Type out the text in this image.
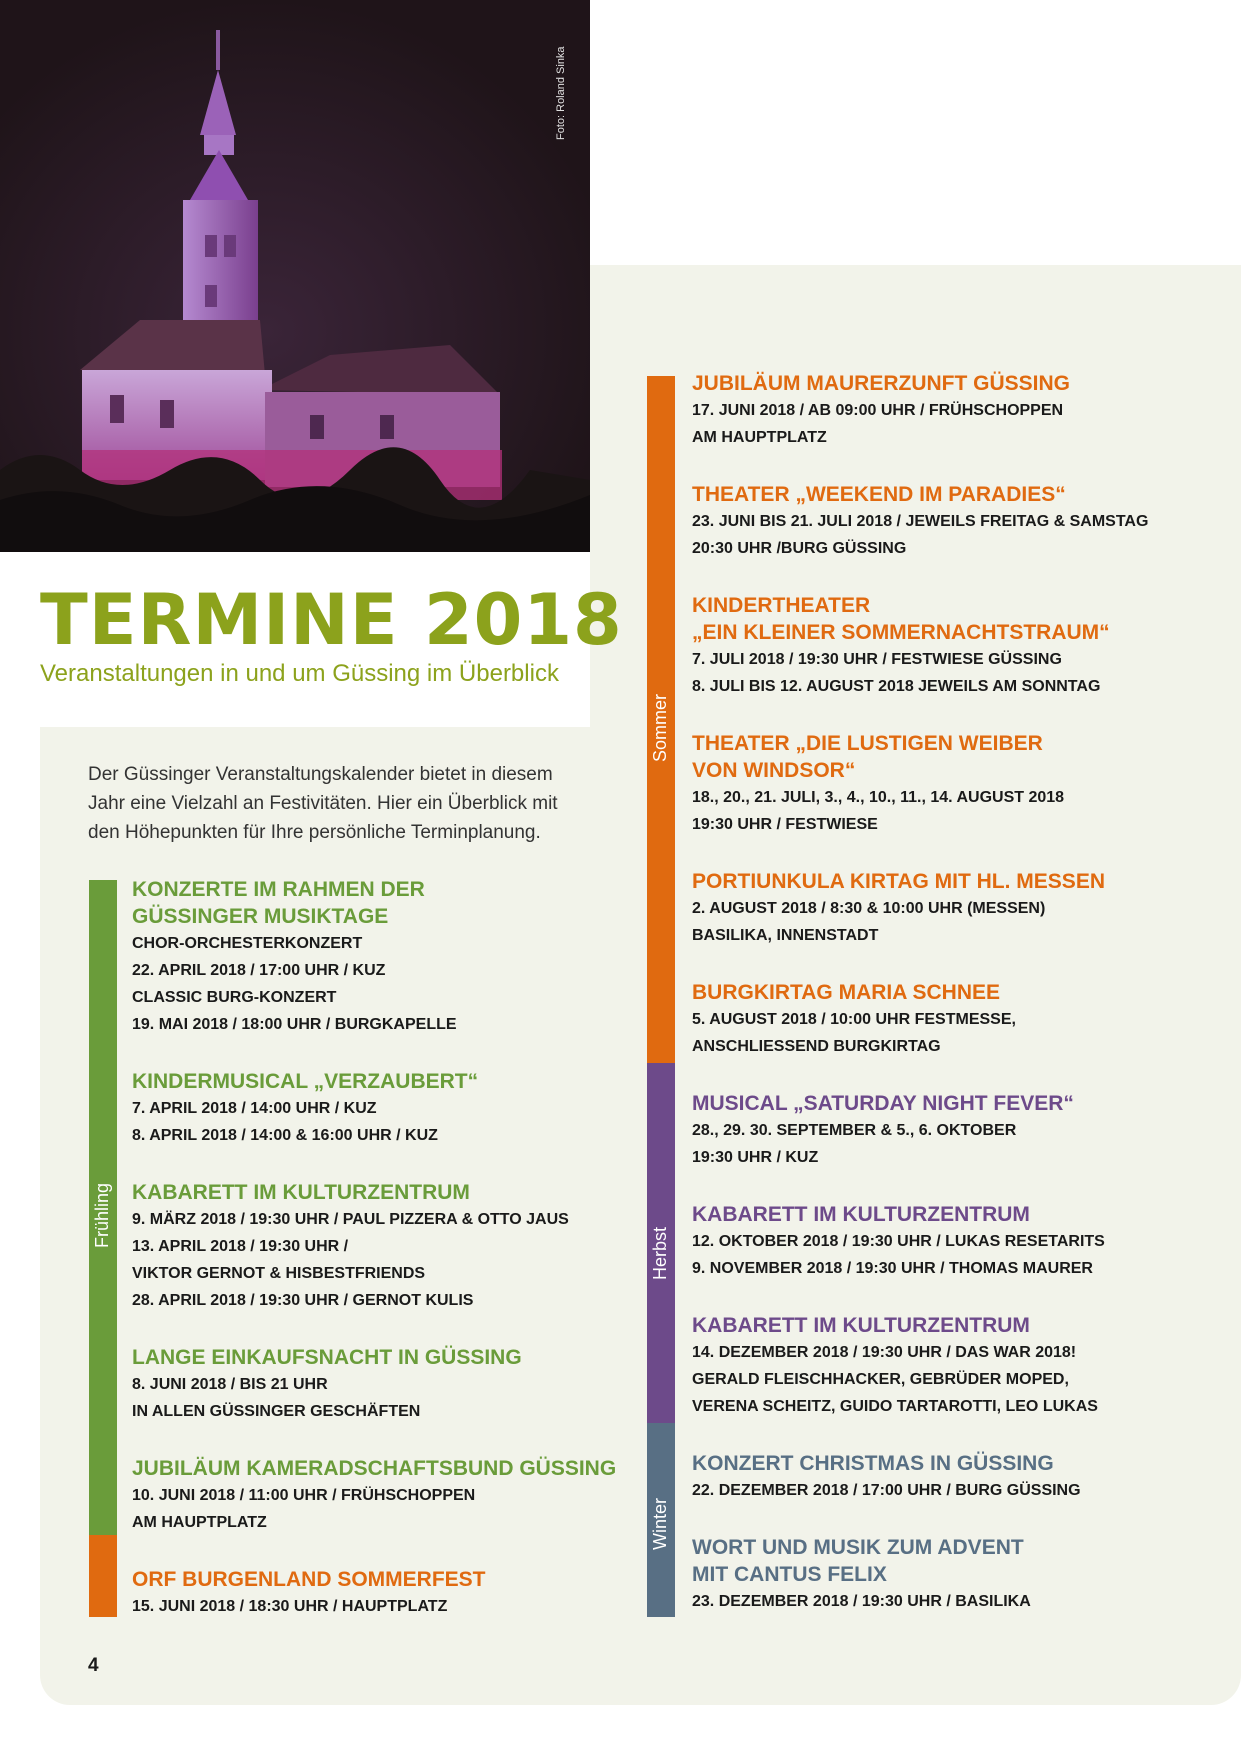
Foto: Roland Sinka
TERMINE 2018
Veranstaltungen in und um Güssing im Überblick
Der Güssinger Veranstaltungskalender bietet in diesem Jahr eine Vielzahl an Festivitäten. Hier ein Überblick mit den Höhepunkten für Ihre persönliche Terminplanung.
Frühling
Sommer
Herbst
Winter
KONZERTE IM RAHMEN DER
GÜSSINGER MUSIKTAGE
CHOR-ORCHESTERKONZERT
22. APRIL 2018 / 17:00 UHR / KUZ
CLASSIC BURG-KONZERT
19. MAI 2018 / 18:00 UHR / BURGKAPELLE
KINDERMUSICAL „VERZAUBERT“
7. APRIL 2018 / 14:00 UHR / KUZ
8. APRIL 2018 / 14:00 & 16:00 UHR / KUZ
KABARETT IM KULTURZENTRUM
9. MÄRZ 2018 / 19:30 UHR / PAUL PIZZERA & OTTO JAUS
13. APRIL 2018 / 19:30 UHR /
VIKTOR GERNOT & HISBESTFRIENDS
28. APRIL 2018 / 19:30 UHR / GERNOT KULIS
LANGE EINKAUFSNACHT IN GÜSSING
8. JUNI 2018 / BIS 21 UHR
IN ALLEN GÜSSINGER GESCHÄFTEN
JUBILÄUM KAMERADSCHAFTSBUND GÜSSING
10. JUNI 2018 / 11:00 UHR / FRÜHSCHOPPEN
AM HAUPTPLATZ
ORF BURGENLAND SOMMERFEST
15. JUNI 2018 / 18:30 UHR / HAUPTPLATZ
JUBILÄUM MAURERZUNFT GÜSSING
17. JUNI 2018 / AB 09:00 UHR / FRÜHSCHOPPEN
AM HAUPTPLATZ
THEATER „WEEKEND IM PARADIES“
23. JUNI BIS 21. JULI 2018 / JEWEILS FREITAG & SAMSTAG
20:30 UHR /BURG GÜSSING
KINDERTHEATER
„EIN KLEINER SOMMERNACHTSTRAUM“
7. JULI 2018 / 19:30 UHR / FESTWIESE GÜSSING
8. JULI BIS 12. AUGUST 2018 JEWEILS AM SONNTAG
THEATER „DIE LUSTIGEN WEIBER
VON WINDSOR“
18., 20., 21. JULI, 3., 4., 10., 11., 14. AUGUST 2018
19:30 UHR / FESTWIESE
PORTIUNKULA KIRTAG MIT HL. MESSEN
2. AUGUST 2018 / 8:30 & 10:00 UHR (MESSEN)
BASILIKA, INNENSTADT
BURGKIRTAG MARIA SCHNEE
5. AUGUST 2018 / 10:00 UHR FESTMESSE,
ANSCHLIESSEND BURGKIRTAG
MUSICAL „SATURDAY NIGHT FEVER“
28., 29. 30. SEPTEMBER & 5., 6. OKTOBER
19:30 UHR / KUZ
KABARETT IM KULTURZENTRUM
12. OKTOBER 2018 / 19:30 UHR / LUKAS RESETARITS
9. NOVEMBER 2018 / 19:30 UHR / THOMAS MAURER
KABARETT IM KULTURZENTRUM
14. DEZEMBER 2018 / 19:30 UHR / DAS WAR 2018!
GERALD FLEISCHHACKER, GEBRÜDER MOPED,
VERENA SCHEITZ, GUIDO TARTAROTTI, LEO LUKAS
KONZERT CHRISTMAS IN GÜSSING
22. DEZEMBER 2018 / 17:00 UHR / BURG GÜSSING
WORT UND MUSIK ZUM ADVENT
MIT CANTUS FELIX
23. DEZEMBER 2018 / 19:30 UHR / BASILIKA
4
